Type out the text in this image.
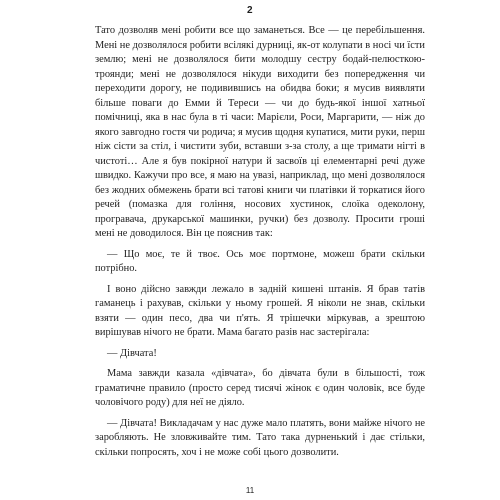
2

Тато дозволяв мені робити все що заманеться. Все — це перебільшення. Мені не дозволялося робити всілякі дурниці, як-от колупати в носі чи їсти землю; мені не дозволялося бити молодшу сестру бодай-пелюсткою-троянди; мені не дозволялося нікуди виходити без попередження чи переходити дорогу, не подивившись на обидва боки; я мусив виявляти більше поваги до Емми й Тереси — чи до будь-якої іншої хатньої помічниці, яка в нас була в ті часи: Марієли, Роси, Маргарити, — ніж до якого завгодно гостя чи родича; я мусив щодня купатися, мити руки, перш ніж сісти за стіл, і чистити зуби, вставши з-за столу, а ще тримати нігті в чистоті… Але я був покірної натури й засвоїв ці елементарні речі дуже швидко. Кажучи про все, я маю на увазі, наприклад, що мені дозволялося без жодних обмежень брати всі татові книги чи платівки й торкатися його речей (помазка для гоління, носових хустинок, слоїка одеколону, програвача, друкарської машинки, ручки) без дозволу. Просити гроші мені не доводилося. Він це пояснив так:

— Що моє, те й твоє. Ось моє портмоне, можеш брати скільки потрібно.

І воно дійсно завжди лежало в задній кишені штанів. Я брав татів гаманець і рахував, скільки у ньому грошей. Я ніколи не знав, скільки взяти — один песо, два чи п'ять. Я трішечки міркував, а зрештою вирішував нічого не брати. Мама багато разів нас застерігала:

— Дівчата!

Мама завжди казала «дівчата», бо дівчата були в більшості, тож граматичне правило (просто серед тисячі жінок є один чоловік, все буде чоловічого роду) для неї не діяло.

— Дівчата! Викладачам у нас дуже мало платять, вони майже нічого не заробляють. Не зловживайте тим. Тато така дурненький і дає стільки, скільки попросять, хоч і не може собі цього дозволити.

11
